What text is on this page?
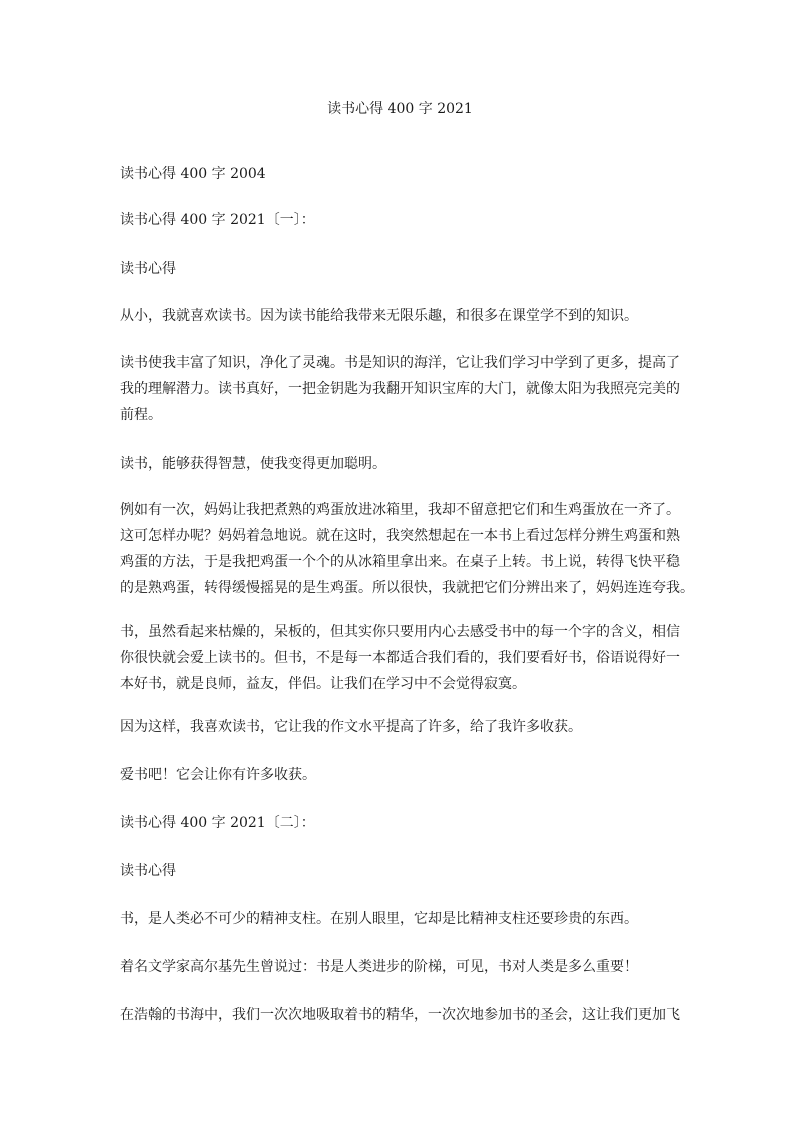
读书心得 400 字 2021
读书心得 400 字 2004
读书心得 400 字 2021〔一〕：
读书心得
从小，我就喜欢读书。因为读书能给我带来无限乐趣，和很多在课堂学不到的知识。
读书使我丰富了知识，净化了灵魂。书是知识的海洋，它让我们学习中学到了更多，提高了
我的理解潜力。读书真好，一把金钥匙为我翻开知识宝库的大门，就像太阳为我照亮完美的
前程。
读书，能够获得智慧，使我变得更加聪明。
例如有一次，妈妈让我把煮熟的鸡蛋放进冰箱里，我却不留意把它们和生鸡蛋放在一齐了。
这可怎样办呢？妈妈着急地说。就在这时，我突然想起在一本书上看过怎样分辨生鸡蛋和熟
鸡蛋的方法，于是我把鸡蛋一个个的从冰箱里拿出来。在桌子上转。书上说，转得飞快平稳
的是熟鸡蛋，转得缓慢摇晃的是生鸡蛋。所以很快，我就把它们分辨出来了，妈妈连连夸我。
书，虽然看起来枯燥的，呆板的，但其实你只要用内心去感受书中的每一个字的含义，相信
你很快就会爱上读书的。但书，不是每一本都适合我们看的，我们要看好书，俗语说得好一
本好书，就是良师，益友，伴侣。让我们在学习中不会觉得寂寞。
因为这样，我喜欢读书，它让我的作文水平提高了许多，给了我许多收获。
爱书吧！它会让你有许多收获。
读书心得 400 字 2021〔二〕：
读书心得
书，是人类必不可少的精神支柱。在别人眼里，它却是比精神支柱还要珍贵的东西。
着名文学家高尔基先生曾说过：书是人类进步的阶梯，可见，书对人类是多么重要！
在浩翰的书海中，我们一次次地吸取着书的精华，一次次地参加书的圣会，这让我们更加飞
